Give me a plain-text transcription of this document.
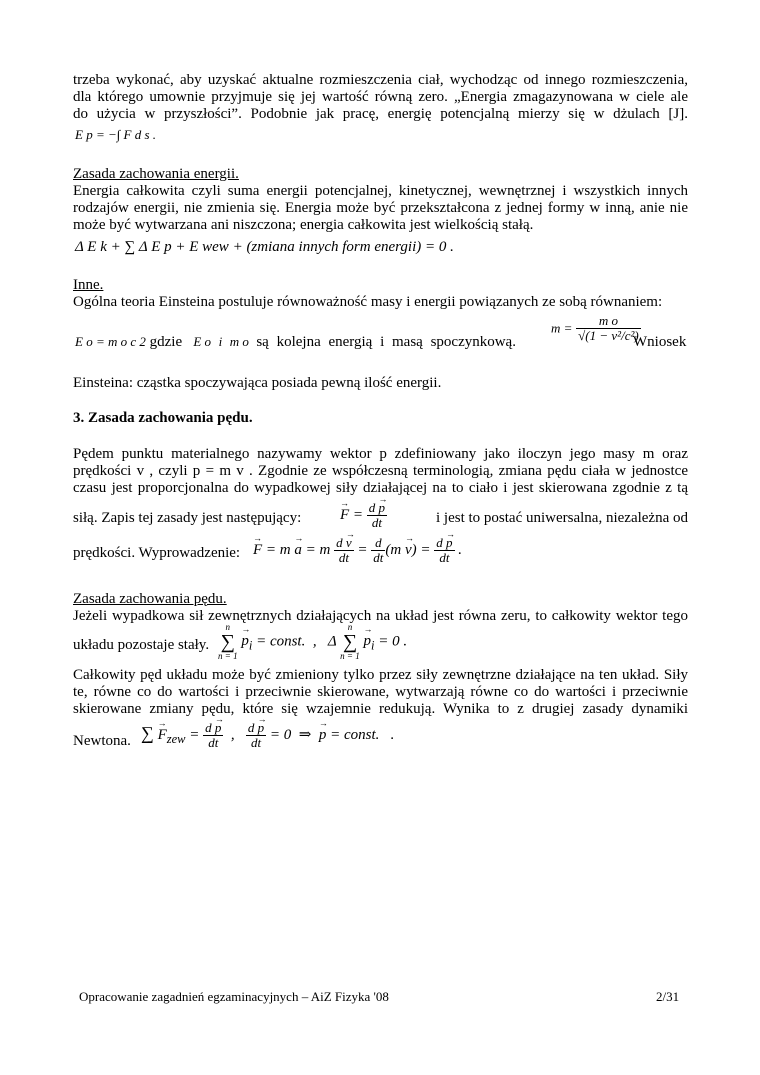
trzeba wykonać, aby uzyskać aktualne rozmieszczenia ciał, wychodząc od innego rozmieszczenia,
dla którego umownie przyjmuje się jej wartość równą zero. „Energia zmagazynowana w ciele ale
do użycia w przyszłości”. Podobnie jak pracę, energię potencjalną mierzy się w dżulach [J].
E p = −∫ F d s .
Zasada zachowania energii.
Energia całkowita czyli suma energii potencjalnej, kinetycznej, wewnętrznej i wszystkich innych
rodzajów energii, nie zmienia się. Energia może być przekształcona z jednej formy w inną, anie nie
może być wytwarzana ani niszczona; energia całkowita jest wielkością stałą.
Δ E k + ∑ Δ E p + E wew + (zmiana innych form energii) = 0 .
Inne.
Ogólna teoria Einsteina postuluje równoważność masy i energii powiązanych ze sobą równaniem:
E o = m o c 2 gdzie E o i m o są kolejna energią i masą spoczynkową.
$m = \frac{\text{m o}}{\text{√(1 − v²/c²)}}$
Wniosek
Einsteina: cząstka spoczywająca posiada pewną ilość energii.
3. Zasada zachowania pędu.
Pędem punktu materialnego nazywamy wektor p zdefiniowany jako iloczyn jego masy m oraz
prędkości v , czyli p = m v . Zgodnie ze współczesną terminologią, zmiana pędu ciała w jednostce
czasu jest proporcjonalna do wypadkowej siły działającej na to ciało i jest skierowana zgodnie z tą
siłą. Zapis tej zasady jest następujący:	→ $F = \frac{d \to p}{dt}$	i jest to postać uniwersalna, niezależna od
prędkości. Wyprowadzenie: → F = m → a = m $\frac{d \to v}{dt} = \frac{d}{dt} (m \to v) = \frac{d \to p}{dt}$ .
Zasada zachowania pędu.
Jeżeli wypadkowa sił zewnętrznych działających na układ jest równa zeru, to całkowity wektor tego
układu pozostaje stały.
n
∑
$n = 1 \to p_i$ = const.  ,   Δ n
∑
$n = 1 \to p_i = 0$ .
Całkowity pęd układu może być zmieniony tylko przez siły zewnętrzne działające na ten układ. Siły
te, równe co do wartości i przeciwnie skierowane, wytwarzają równe co do wartości i przeciwnie
skierowane zmiany pędu, które się wzajemnie redukują. Wynika to z drugiej zasady dynamiki
Newtona. ∑ → $F_{zew} = \frac{d \to p}{dt}$ , $\frac{d \to p}{dt} = 0$  ⇒  → p = const.   .
Opracowanie zagadnień egzaminacyjnych – AiZ Fizyka '08	2/31
